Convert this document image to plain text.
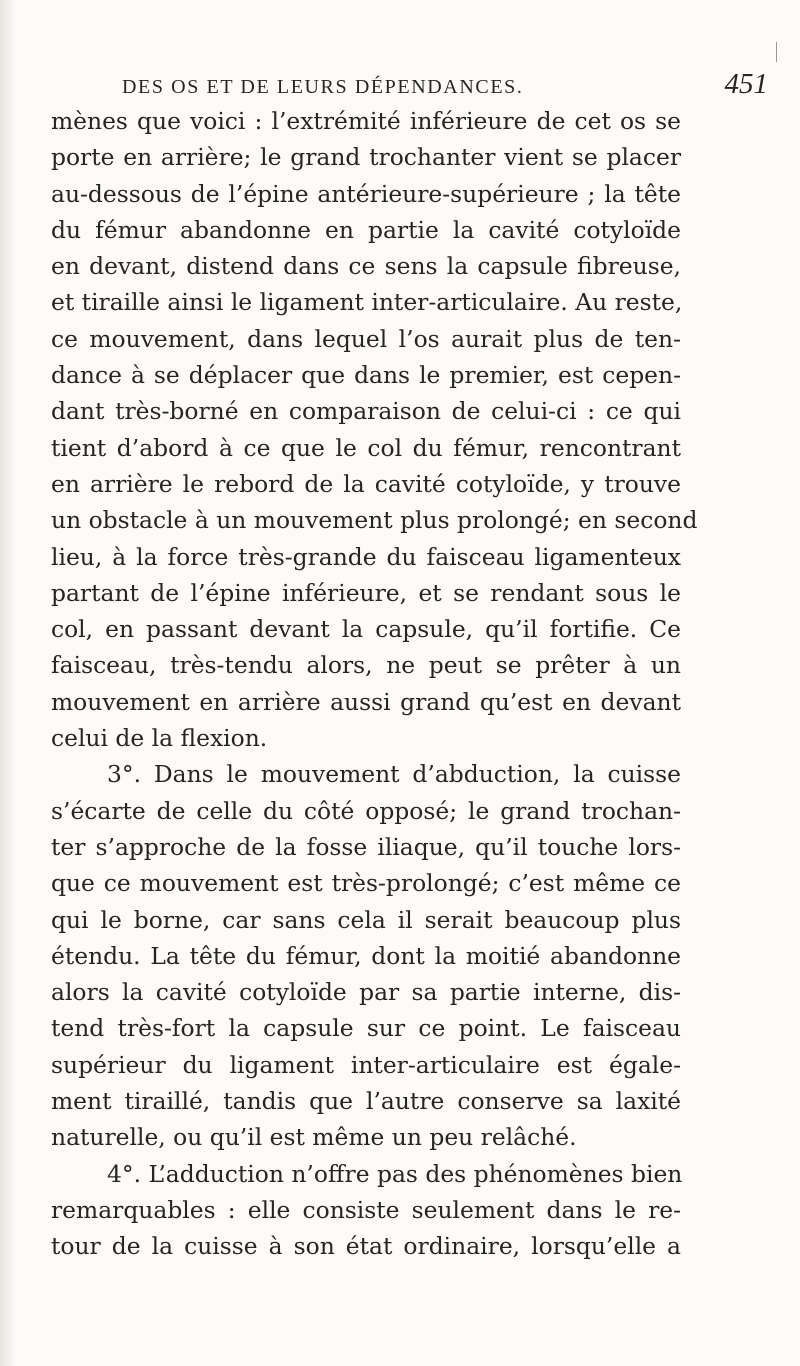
DES OS ET DE LEURS DÉPENDANCES.	451
mènes que voici : l’extrémité inférieure de cet os se
porte en arrière; le grand trochanter vient se placer
au-dessous de l’épine antérieure-supérieure ; la tête
du fémur abandonne en partie la cavité cotyloïde
en devant, distend dans ce sens la capsule fibreuse,
et tiraille ainsi le ligament inter-articulaire. Au reste,
ce mouvement, dans lequel l’os aurait plus de ten-
dance à se déplacer que dans le premier, est cepen-
dant très-borné en comparaison de celui-ci : ce qui
tient d’abord à ce que le col du fémur, rencontrant
en arrière le rebord de la cavité cotyloïde, y trouve
un obstacle à un mouvement plus prolongé; en second
lieu, à la force très-grande du faisceau ligamenteux
partant de l’épine inférieure, et se rendant sous le
col, en passant devant la capsule, qu’il fortifie. Ce
faisceau, très-tendu alors, ne peut se prêter à un
mouvement en arrière aussi grand qu’est en devant
celui de la flexion.
3°. Dans le mouvement d’abduction, la cuisse
s’écarte de celle du côté opposé; le grand trochan-
ter s’approche de la fosse iliaque, qu’il touche lors-
que ce mouvement est très-prolongé; c’est même ce
qui le borne, car sans cela il serait beaucoup plus
étendu. La tête du fémur, dont la moitié abandonne
alors la cavité cotyloïde par sa partie interne, dis-
tend très-fort la capsule sur ce point. Le faisceau
supérieur du ligament inter-articulaire est égale-
ment tiraillé, tandis que l’autre conserve sa laxité
naturelle, ou qu’il est même un peu relâché.
4°. L’adduction n’offre pas des phénomènes bien
remarquables : elle consiste seulement dans le re-
tour de la cuisse à son état ordinaire, lorsqu’elle a
